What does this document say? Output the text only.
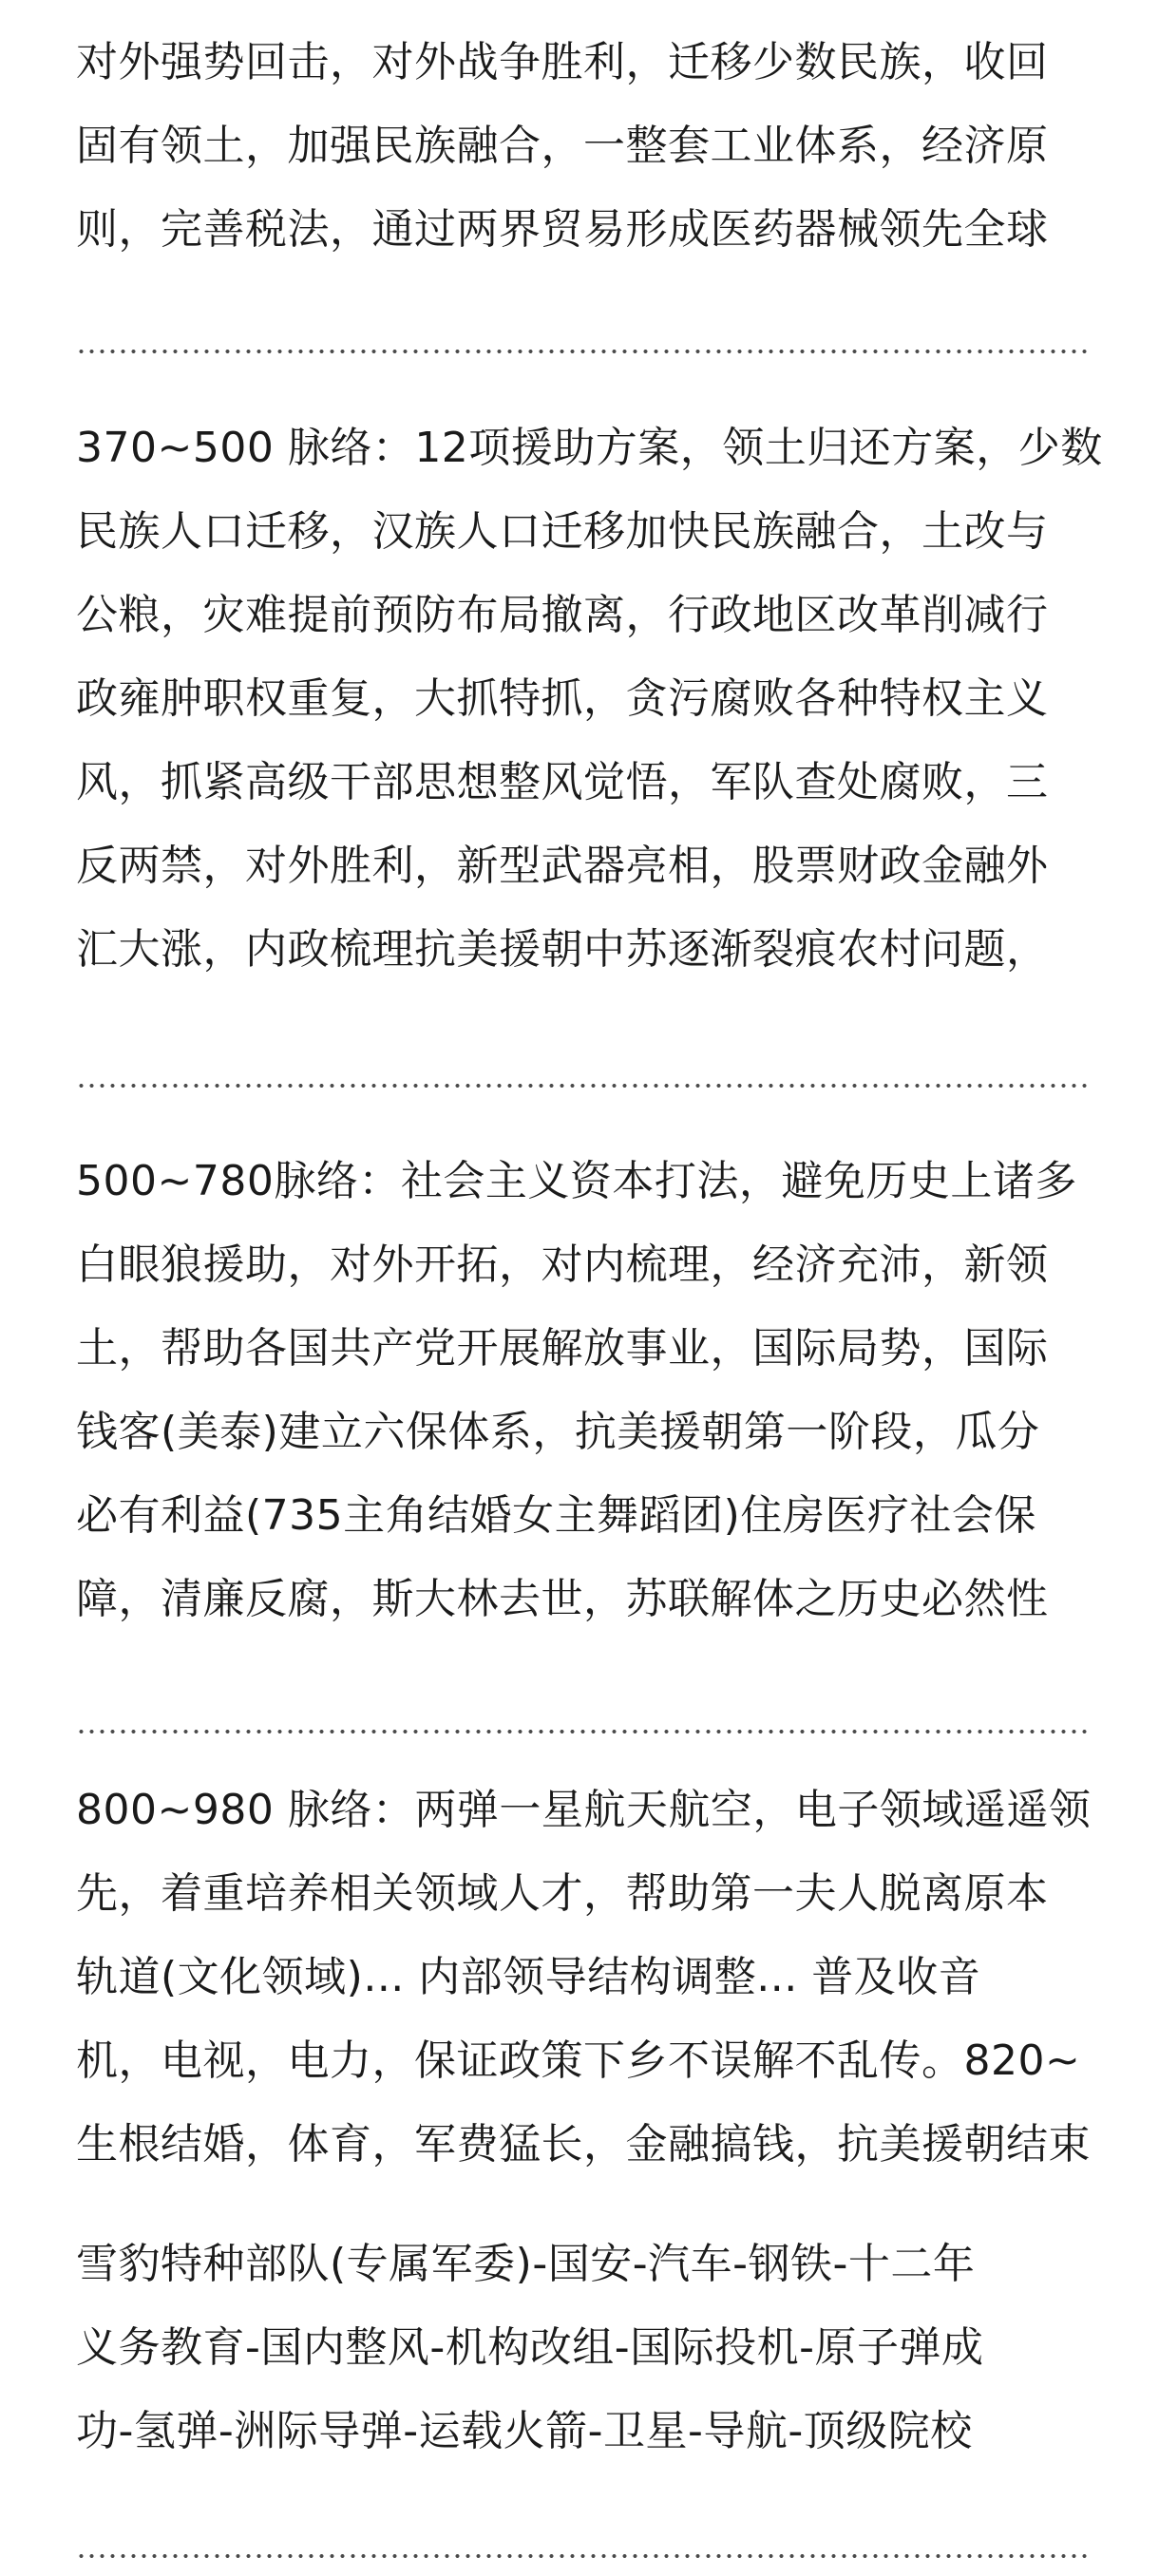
对外强势回击，对外战争胜利，迁移少数民族，收回
固有领土，加强民族融合，一整套工业体系，经济原
则，完善税法，通过两界贸易形成医药器械领先全球

370~500 脉络：12项援助方案，领土归还方案，少数
民族人口迁移，汉族人口迁移加快民族融合，土改与
公粮，灾难提前预防布局撤离，行政地区改革削减行
政雍肿职权重复，大抓特抓，贪污腐败各种特权主义
风，抓紧高级干部思想整风觉悟，军队查处腐败，三
反两禁，对外胜利，新型武器亮相，股票财政金融外
汇大涨，内政梳理抗美援朝中苏逐渐裂痕农村问题，

500~780脉络：社会主义资本打法，避免历史上诸多
白眼狼援助，对外开拓，对内梳理，经济充沛，新领
土，帮助各国共产党开展解放事业，国际局势，国际
钱客(美泰)建立六保体系，抗美援朝第一阶段，瓜分
必有利益(735主角结婚女主舞蹈团)住房医疗社会保
障，清廉反腐，斯大林去世，苏联解体之历史必然性

800~980 脉络：两弹一星航天航空，电子领域遥遥领
先，着重培养相关领域人才，帮助第一夫人脱离原本
轨道(文化领域)... 内部领导结构调整... 普及收音
机，电视，电力，保证政策下乡不误解不乱传。820~
生根结婚，体育，军费猛长，金融搞钱，抗美援朝结束

雪豹特种部队(专属军委)-国安-汽车-钢铁-十二年
义务教育-国内整风-机构改组-国际投机-原子弹成
功-氢弹-洲际导弹-运载火箭-卫星-导航-顶级院校
